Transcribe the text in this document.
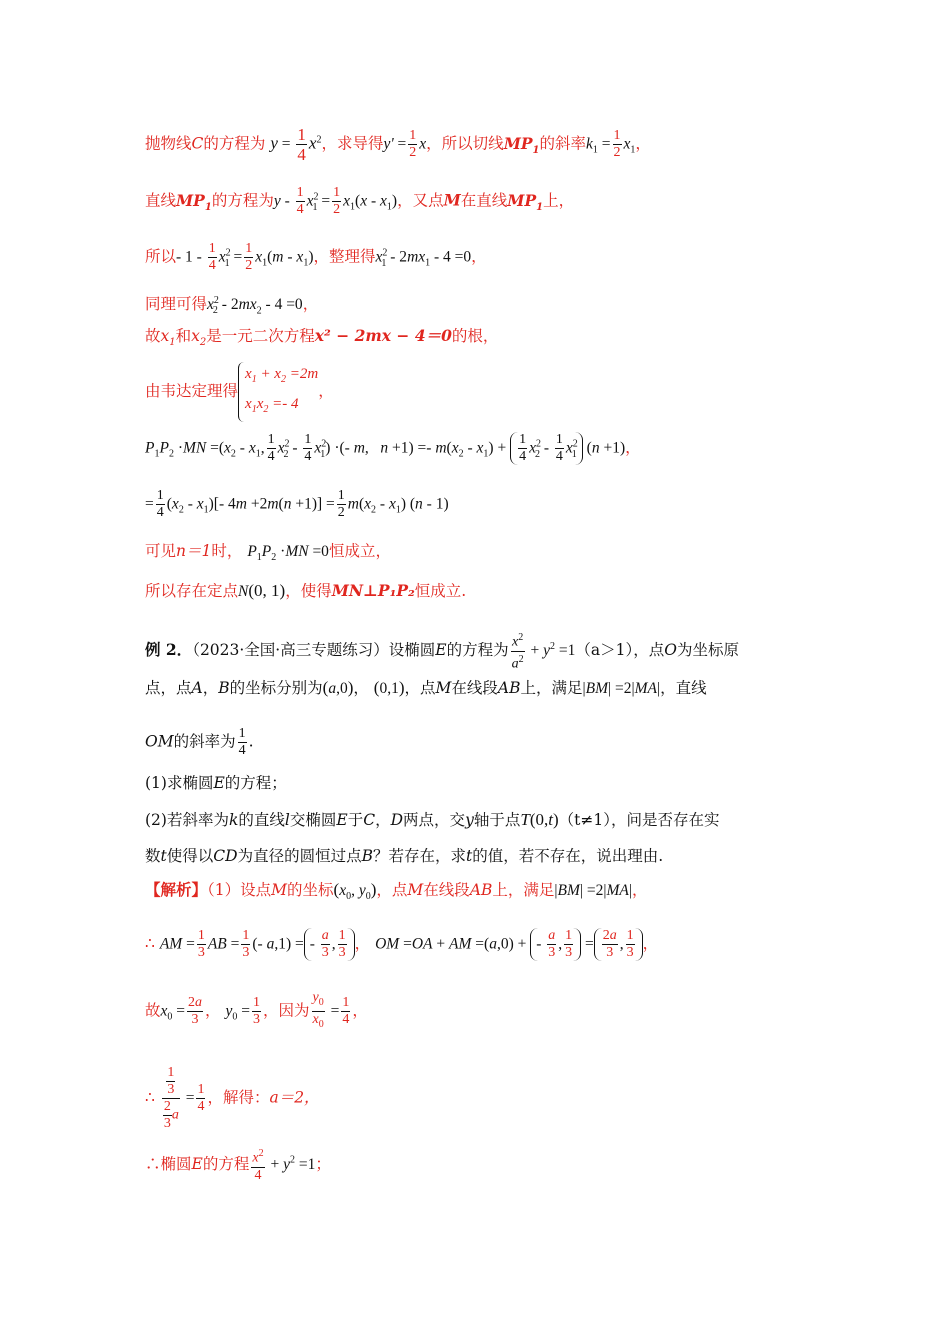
抛物线C的方程为 $y = \frac{1}{4} x^2$，求导得$y' = \frac{1}{2}$ x，所以切线$MP_1$的斜率$k_1 = \frac{1}{2} x_1$，
直线$MP_1$的方程为$y - \frac{1}{4} x^2_1 = \frac{1}{2} x_1(x - x_1)$，又点M在直线$MP_1$上，
所以- $1 - \frac{1}{4} x^2_1 = \frac{1}{2} x_1(m - x_1)$，整理得$x^2_1 - 2mx_1 - 4 =0$，
同理可得$x^2_2 - 2mx_2 - 4 =0$，
故$x_1$和$x_2$是一元二次方程x² − 2mx − 4＝0的根，
由韦达定理得$x_1 + x_2 =2m$
$x_1x_2 =- 4$，
$P_1P_2 \cdot MN =(x_2 - x_1$, $\frac{1}{4} x^2_2 - \frac{1}{4} x^2_1$) ·(- m,   $n +1) =- m(x_2 - x_1) + \frac{1}{4} x^2_2 - \frac{1}{4} x^2_1$ (n +1)，
= $\frac{1}{4} (x_2 - x_1)[-$ $4m +2m(n +1)] = \frac{1}{2} m(x_2 - x_1)$ (n - 1)
可见n＝1时， $P_1P_2 \cdot MN =0$恒成立，
所以存在定点N(0, 1)，使得MN⊥P₁P₂恒成立.
例 2．（2023·全国·高三专题练习）设椭圆E的方程为 $\frac{x^2}{a^2} + y^2 =1(a>1)$，点O为坐标原
点，点A，B的坐标分别为(a,0)， (0,1)，点M在线段AB上，满足|BM| =2|MA|，直线
OM的斜率为 $\frac{1}{4}$ .
(1)求椭圆E的方程；
(2)若斜率为k的直线l交椭圆E于C，D两点，交y轴于点T(0,t)（t≠1），问是否存在实
数t使得以CD为直径的圆恒过点B？若存在，求t的值，若不存在，说出理由.
【解析】（1）设点M的坐标($x_0$, $y_0$)，点M在线段AB上，满足|BM| =2|MA|，
∴ AM = $\frac{1}{3}$ AB = $\frac{1}{3}$ (- a,1) = - $\frac{a}{3}$ , $\frac{1}{3}$ ， OM =OA + AM =(a,0) + - $\frac{a}{3}$ , $\frac{1}{3} = \frac{2a}{3}$ , $\frac{1}{3}$ ，
故$x_0 = \frac{2a}{3}$ ， $y_0 = \frac{1}{3}$ ，因为 $\frac{y_0}{x_0} = \frac{1}{4}$ ，
∴ $\frac{\frac{1}{3}}{\frac{2}{3} a} = \frac{1}{4}$ ，解得：a＝2，
∴椭圆E的方程 $\frac{x^2}{4} + y^2 =1$；
